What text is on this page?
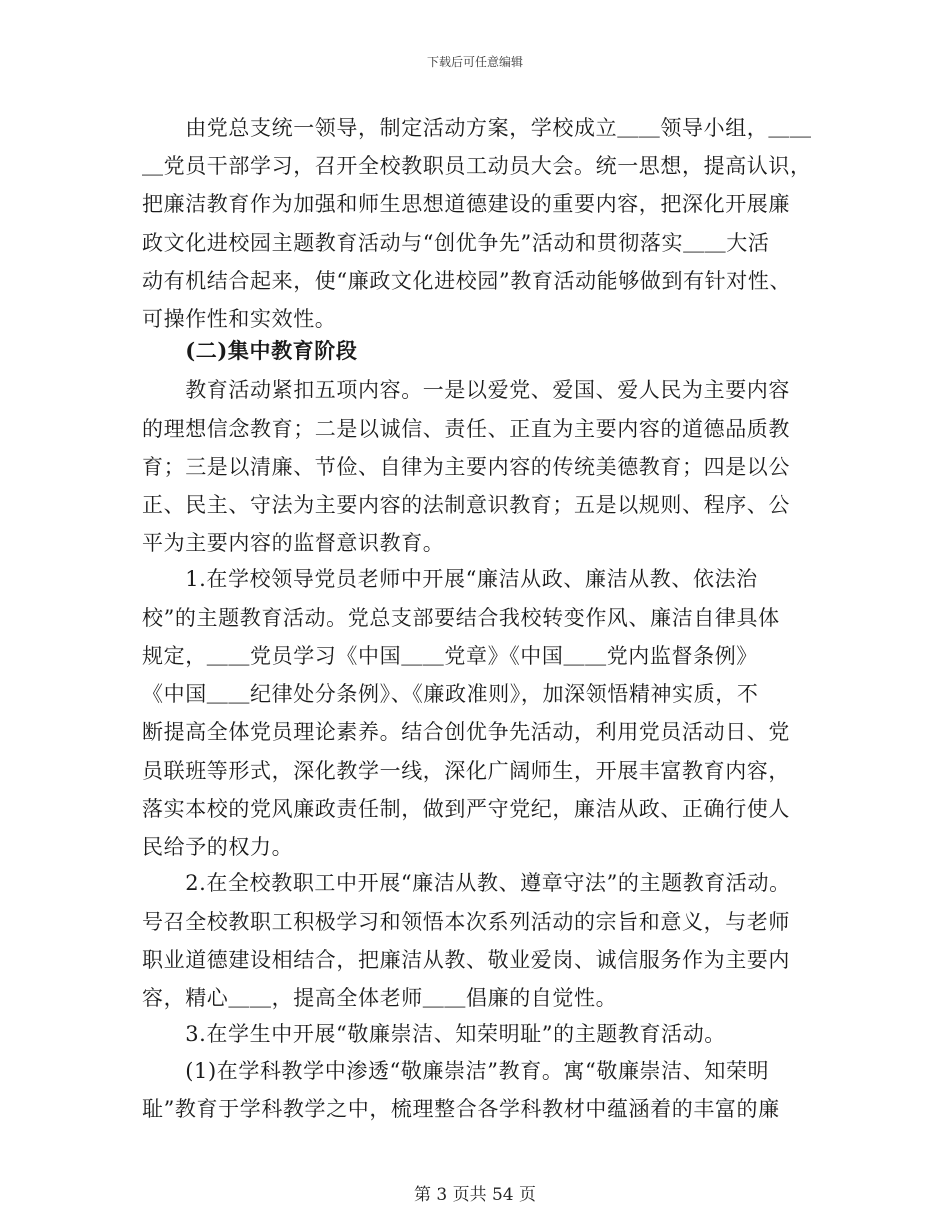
下载后可任意编辑
　　由党总支统一领导，制定活动方案，学校成立＿＿领导小组，＿＿
＿党员干部学习，召开全校教职员工动员大会。统一思想，提高认识，
把廉洁教育作为加强和师生思想道德建设的重要内容，把深化开展廉
政文化进校园主题教育活动与“创优争先”活动和贯彻落实＿＿大活
动有机结合起来，使“廉政文化进校园”教育活动能够做到有针对性、
可操作性和实效性。
　　(二)集中教育阶段
　　教育活动紧扣五项内容。一是以爱党、爱国、爱人民为主要内容
的理想信念教育；二是以诚信、责任、正直为主要内容的道德品质教
育；三是以清廉、节俭、自律为主要内容的传统美德教育；四是以公
正、民主、守法为主要内容的法制意识教育；五是以规则、程序、公
平为主要内容的监督意识教育。
　　1.在学校领导党员老师中开展“廉洁从政、廉洁从教、依法治
校”的主题教育活动。党总支部要结合我校转变作风、廉洁自律具体
规定，＿＿党员学习《中国＿＿党章》《中国＿＿党内监督条例》
《中国＿＿纪律处分条例》、《廉政准则》，加深领悟精神实质，不
断提高全体党员理论素养。结合创优争先活动，利用党员活动日、党
员联班等形式，深化教学一线，深化广阔师生，开展丰富教育内容，
落实本校的党风廉政责任制，做到严守党纪，廉洁从政、正确行使人
民给予的权力。
　　2.在全校教职工中开展“廉洁从教、遵章守法”的主题教育活动。
号召全校教职工积极学习和领悟本次系列活动的宗旨和意义，与老师
职业道德建设相结合，把廉洁从教、敬业爱岗、诚信服务作为主要内
容，精心＿＿，提高全体老师＿＿倡廉的自觉性。
　　3.在学生中开展“敬廉崇洁、知荣明耻”的主题教育活动。
　　(1)在学科教学中渗透“敬廉崇洁”教育。寓“敬廉崇洁、知荣明
耻”教育于学科教学之中，梳理整合各学科教材中蕴涵着的丰富的廉
第 3 页共 54 页
